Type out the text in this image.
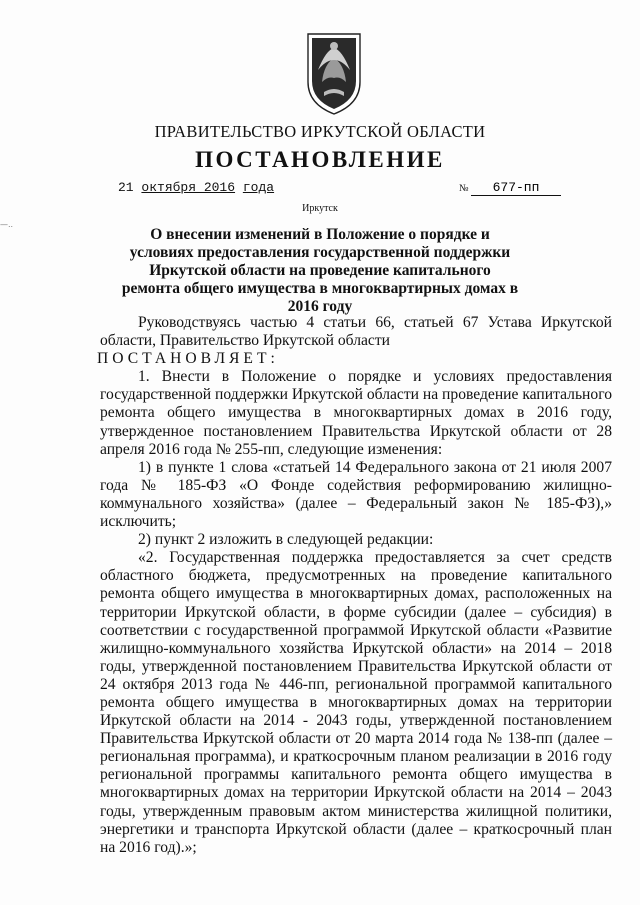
ПРАВИТЕЛЬСТВО ИРКУТСКОЙ ОБЛАСТИ
ПОСТАНОВЛЕНИЕ
21 октября 2016 года	№	677-пп
Иркутск
—..
О внесении изменений в Положение о порядке и условиях предоставления государственной поддержки Иркутской области на проведение капитального ремонта общего имущества в многоквартирных домах в 2016 году

Руководствуясь частью 4 статьи 66, статьей 67 Устава Иркутской области, Правительство Иркутской области

ПОСТАНОВЛЯЕТ:

1. Внести в Положение о порядке и условиях предоставления государственной поддержки Иркутской области на проведение капитального ремонта общего имущества в многоквартирных домах в 2016 году, утвержденное постановлением Правительства Иркутской области от 28 апреля 2016 года № 255-пп, следующие изменения:

1) в пункте 1 слова «статьей 14 Федерального закона от 21 июля 2007 года № 185-ФЗ «О Фонде содействия реформированию жилищно-коммунального хозяйства» (далее – Федеральный закон № 185-ФЗ),» исключить;

2) пункт 2 изложить в следующей редакции:

«2. Государственная поддержка предоставляется за счет средств областного бюджета, предусмотренных на проведение капитального ремонта общего имущества в многоквартирных домах, расположенных на территории Иркутской области, в форме субсидии (далее – субсидия) в соответствии с государственной программой Иркутской области «Развитие жилищно-коммунального хозяйства Иркутской области» на 2014 – 2018 годы, утвержденной постановлением Правительства Иркутской области от 24 октября 2013 года № 446-пп, региональной программой капитального ремонта общего имущества в многоквартирных домах на территории Иркутской области на 2014 - 2043 годы, утвержденной постановлением Правительства Иркутской области от 20 марта 2014 года № 138-пп (далее – региональная программа), и краткосрочным планом реализации в 2016 году региональной программы капитального ремонта общего имущества в многоквартирных домах на территории Иркутской области на 2014 – 2043 годы, утвержденным правовым актом министерства жилищной политики, энергетики и транспорта Иркутской области (далее – краткосрочный план на 2016 год).»;
